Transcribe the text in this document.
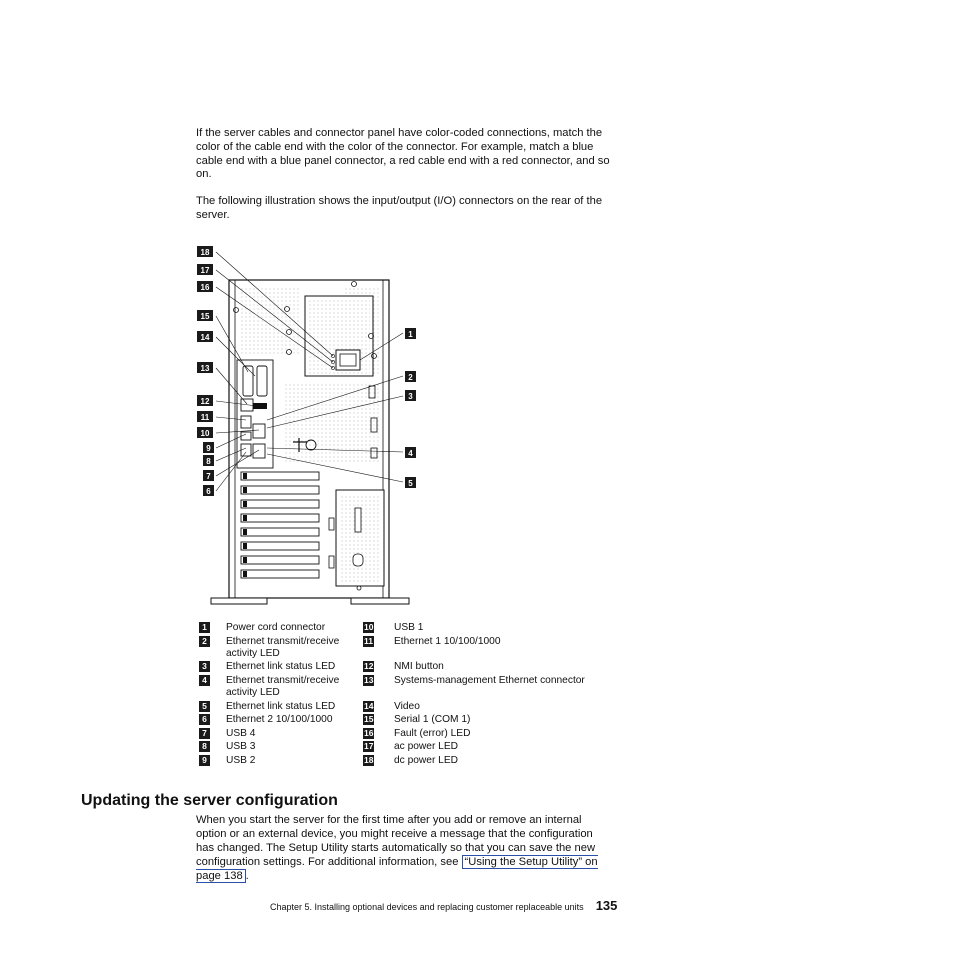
If the server cables and connector panel have color-coded connections, match the color of the cable end with the color of the connector. For example, match a blue cable end with a blue panel connector, a red cable end with a red connector, and so on.

The following illustration shows the input/output (I/O) connectors on the rear of the server.

18
17
16
15
14
13
12
11
10
9
8
7
6
1
2
3
4
5
1	Power cord connector
2	Ethernet transmit/receive activity LED
3	Ethernet link status LED
4	Ethernet transmit/receive activity LED
5	Ethernet link status LED
6	Ethernet 2 10/100/1000
7	USB 4
8	USB 3
9	USB 2
10	USB 1
11	Ethernet 1 10/100/1000
12	NMI button
13	Systems-management Ethernet connector
14	Video
15	Serial 1 (COM 1)
16	Fault (error) LED
17	ac power LED
18	dc power LED
Updating the server configuration

When you start the server for the first time after you add or remove an internal option or an external device, you might receive a message that the configuration has changed. The Setup Utility starts automatically so that you can save the new configuration settings. For additional information, see “Using the Setup Utility” on page 138 .

Chapter 5. Installing optional devices and replacing customer replaceable units 135
